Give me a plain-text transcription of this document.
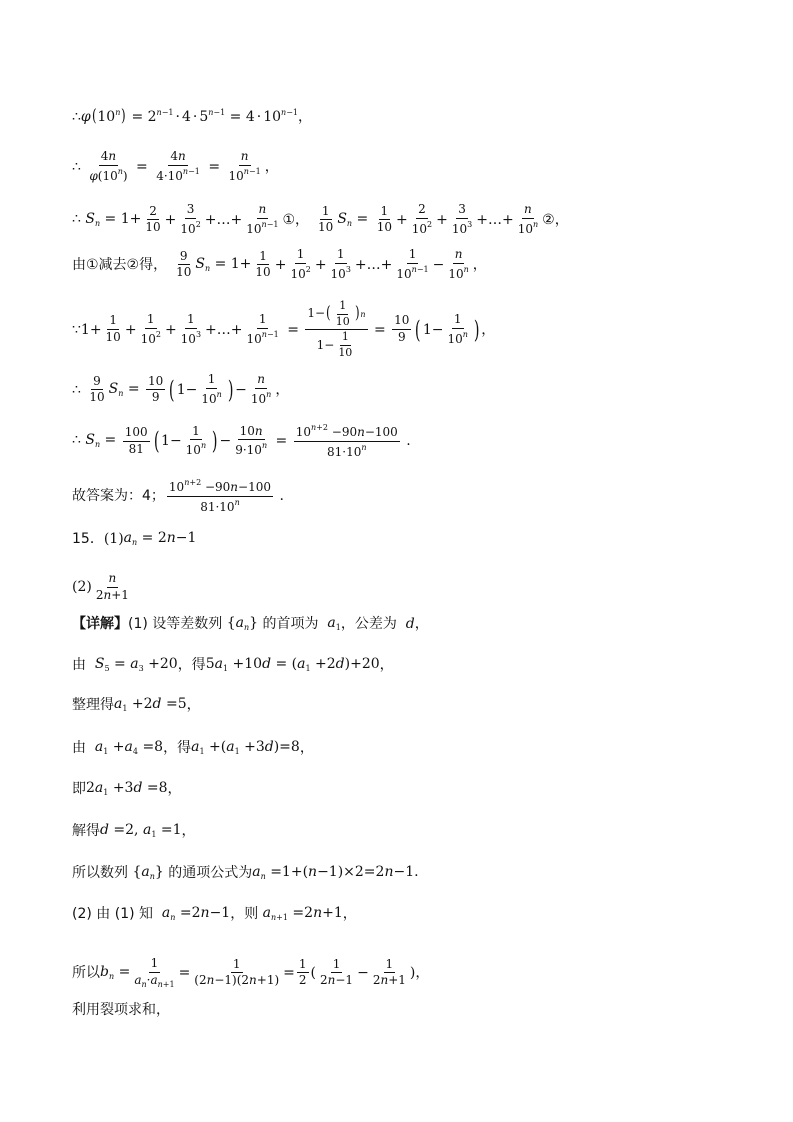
∴ φ ( 10$^n$ ) = $2^{n-1} \cdot 4 \cdot 5^{n-1} = 4 \cdot 10^{n-1}$ ，
∴ $\frac{4n}{\varphi(10^n)} = \frac{4n}{4\cdot 10^{n-1}} = \frac{n}{10^{n-1}}$ ，
∴ $S_n = 1+ \frac{2}{10} + \frac{3}{10^2}$ +…+ $\frac{n}{10^{n-1}}$ ① ，
1
10
$S_n = \frac{1}{10} + \frac{2}{10^2} + \frac{3}{10^3}$ +…+ $\frac{n}{10^n}$ ② ，
由①减去②得，
9
10
$S_n = 1+ \frac{1}{10} + \frac{1}{10^2} + \frac{1}{10^3}$ +…+ $\frac{1}{10^{n-1}} - \frac{n}{10^n}$ ，
∵1+ $\frac{1}{10} + \frac{1}{10^2} + \frac{1}{10^3}$ +…+ $\frac{1}{10^{n-1}} = 1-$ ( 1
10 ) n
1−
1
$10 = \frac{10}{9}$ ( $1- \frac{1}{10^n}$ ) ，
∴
9
10
$S_n = \frac{10}{9}$ ( $1- \frac{1}{10^n}$ ) − $\frac{n}{10^n}$ ，
∴ $S_n = \frac{100}{81}$ ( $1- \frac{1}{10^n}$ ) − $\frac{10n}{9\cdot 10^n} = \frac{10^{n+2} -90n-100}{81\cdot 10^n}$ .
故答案为：4；
$10^{n+2} -90n-100$
$81\cdot 10^n$	.
15． (1) $a_n = 2n-1$
(2)
n
2n+1
【详解】 (1) 设等差数列 $\{a_n\}$ 的首项为 $a_1$ ，公差为 d ，
由 $S_5 = a_3 +20$ ，得 $5a_1 +10d = (a_1 +2d)+20$ ，
整理得 $a_1 +2d =5$ ，
由 $a_1 +a_4 =8$ ，得 $a_1 +(a_1 +3d)=8$ ，
即 $2a_1 +3d =8$ ，
解得 d =2, $a_1 =1$ ，
所以数列 $\{a_n\}$ 的通项公式为 $a_n =1+(n-1)\times 2=2n-1$.
(2) 由 (1) 知 $a_n =2n-1$ ，则 $a_{n+1} =2n+1$ ，
所以 $b_n = \frac{1}{a_n\cdot a_{n+1}} = \frac{1}{(2n-1)(2n+1)} = \frac{1}{2}$ (
1
$2n-1 - \frac{1}{2n+1}$ ) ，
利用裂项求和，
